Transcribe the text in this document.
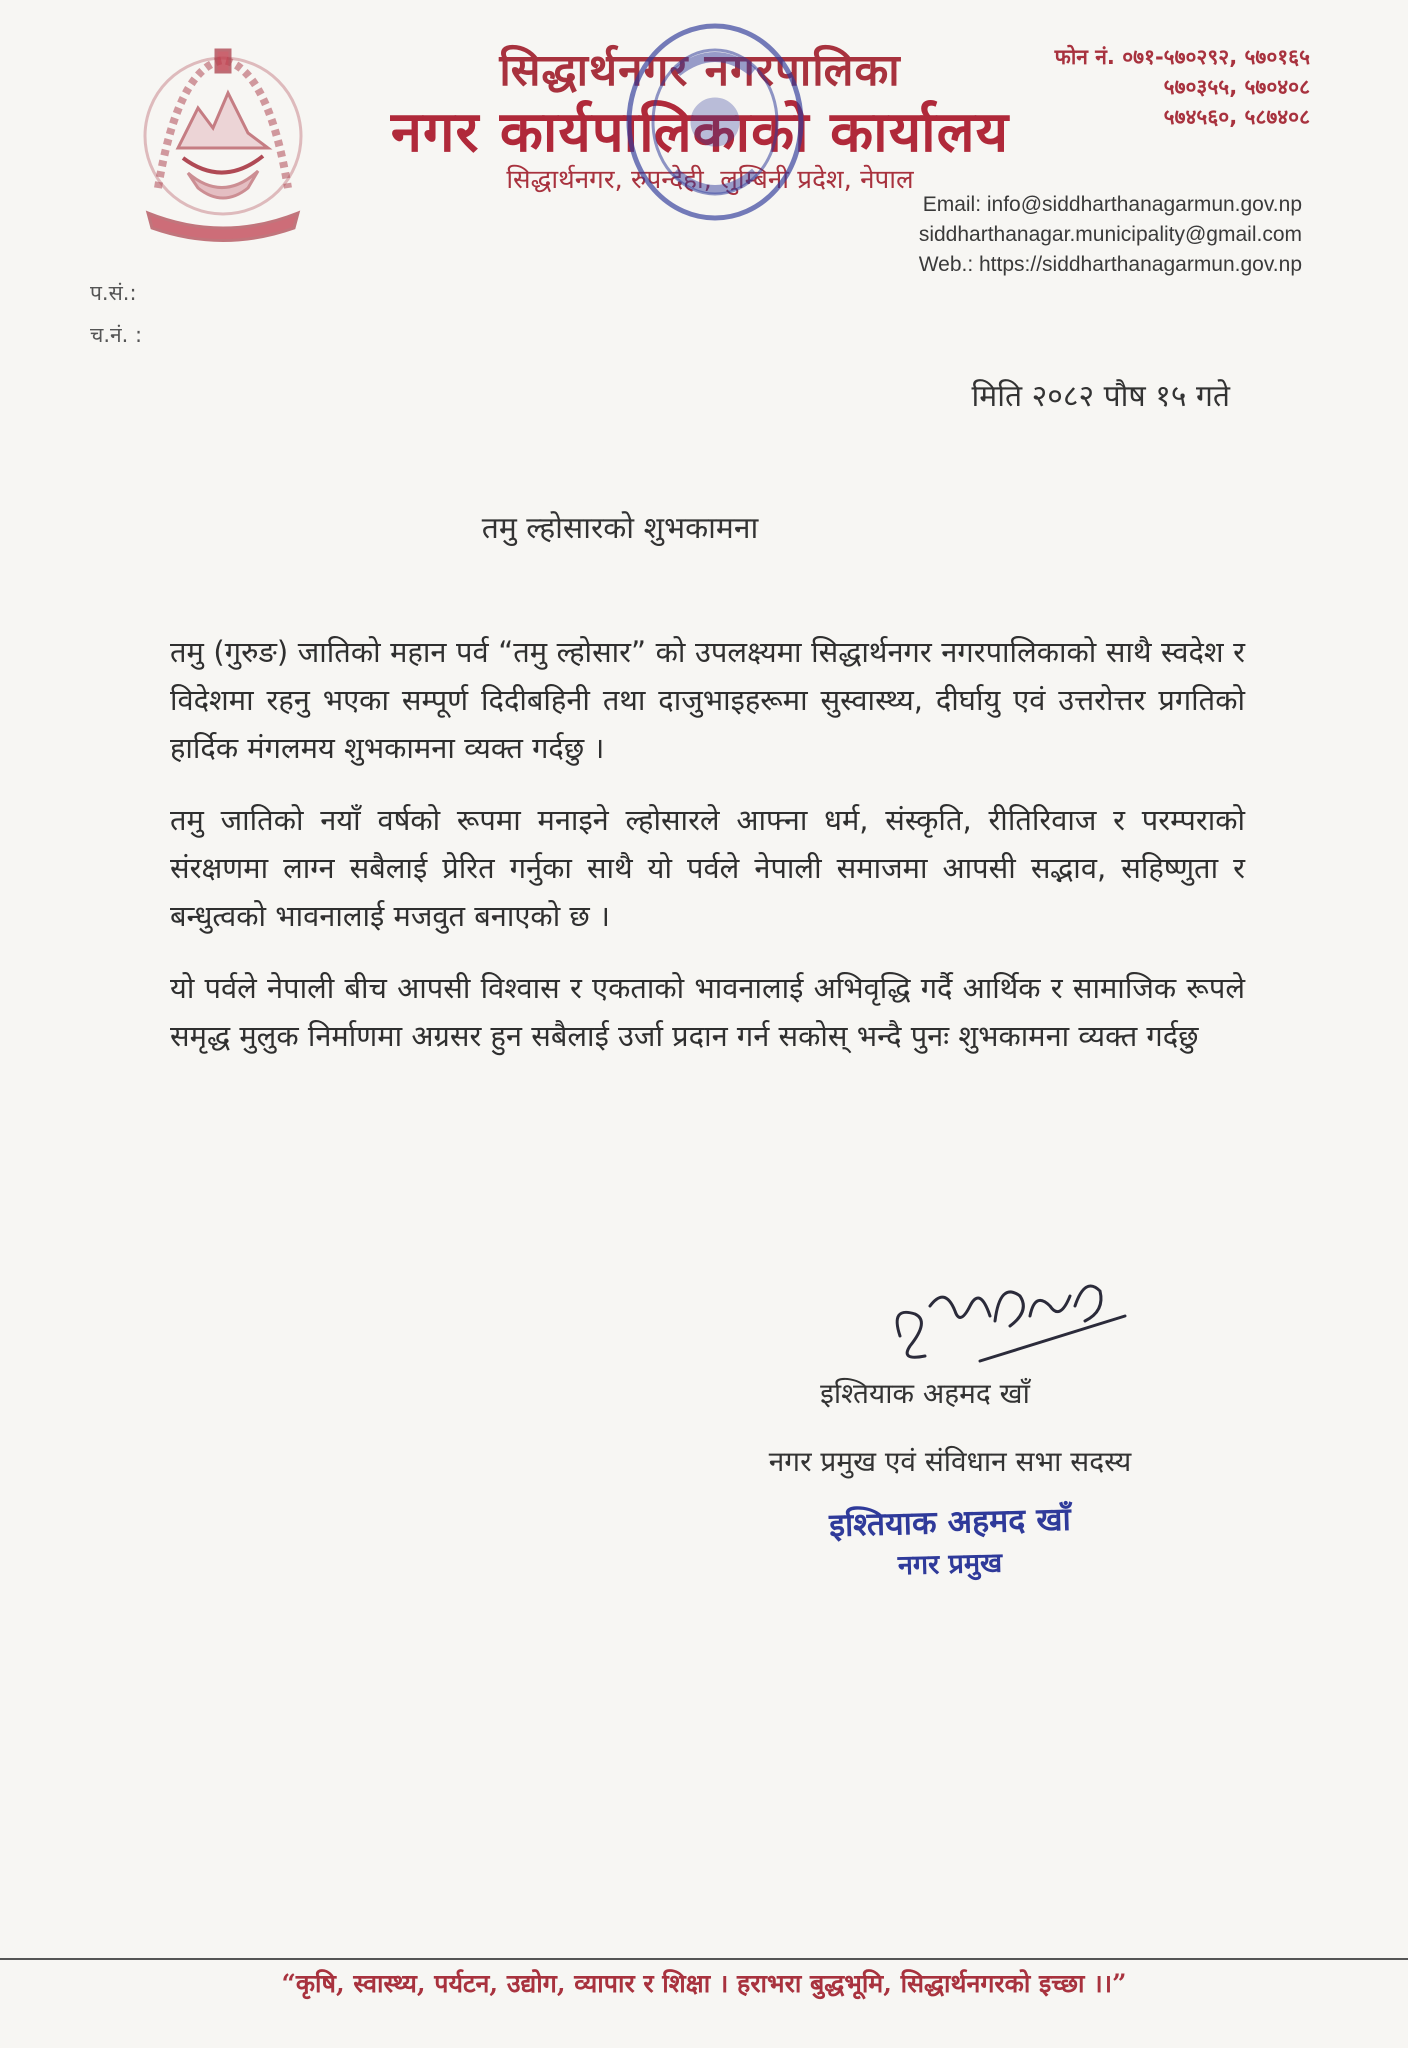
सिद्धार्थनगर नगरपालिका
नगर कार्यपालिकाको कार्यालय
सिद्धार्थनगर, रुपन्देही, लुम्बिनी प्रदेश, नेपाल
फोन नं. ०७१-५७०२९२, ५७०१६५
५७०३५५, ५७०४०८
५७४५६०, ५८७४०८
Email: info@siddharthanagarmun.gov.np
siddharthanagar.municipality@gmail.com
Web.: https://siddharthanagarmun.gov.np
प.सं.:
च.नं. :
मिति २०८२ पौष १५ गते
तमु ल्होसारको शुभकामना

तमु (गुरुङ) जातिको महान पर्व “तमु ल्होसार” को उपलक्ष्यमा सिद्धार्थनगर नगरपालिकाको साथै स्वदेश र विदेशमा रहनु भएका सम्पूर्ण दिदीबहिनी तथा दाजुभाइहरूमा सुस्वास्थ्य, दीर्घायु एवं उत्तरोत्तर प्रगतिको हार्दिक मंगलमय शुभकामना व्यक्त गर्दछु ।

तमु जातिको नयाँ वर्षको रूपमा मनाइने ल्होसारले आफ्ना धर्म, संस्कृति, रीतिरिवाज र परम्पराको संरक्षणमा लाग्न सबैलाई प्रेरित गर्नुका साथै यो पर्वले नेपाली समाजमा आपसी सद्भाव, सहिष्णुता र बन्धुत्वको भावनालाई मजवुत बनाएको छ ।

यो पर्वले नेपाली बीच आपसी विश्वास र एकताको भावनालाई अभिवृद्धि गर्दै आर्थिक र सामाजिक रूपले समृद्ध मुलुक निर्माणमा अग्रसर हुन सबैलाई उर्जा प्रदान गर्न सकोस् भन्दै पुनः शुभकामना व्यक्त गर्दछु

इश्तियाक अहमद खाँ
नगर प्रमुख एवं संविधान सभा सदस्य
इश्तियाक अहमद खाँ
नगर प्रमुख
“कृषि, स्वास्थ्य, पर्यटन, उद्योग, व्यापार र शिक्षा । हराभरा बुद्धभूमि, सिद्धार्थनगरको इच्छा ।।”
